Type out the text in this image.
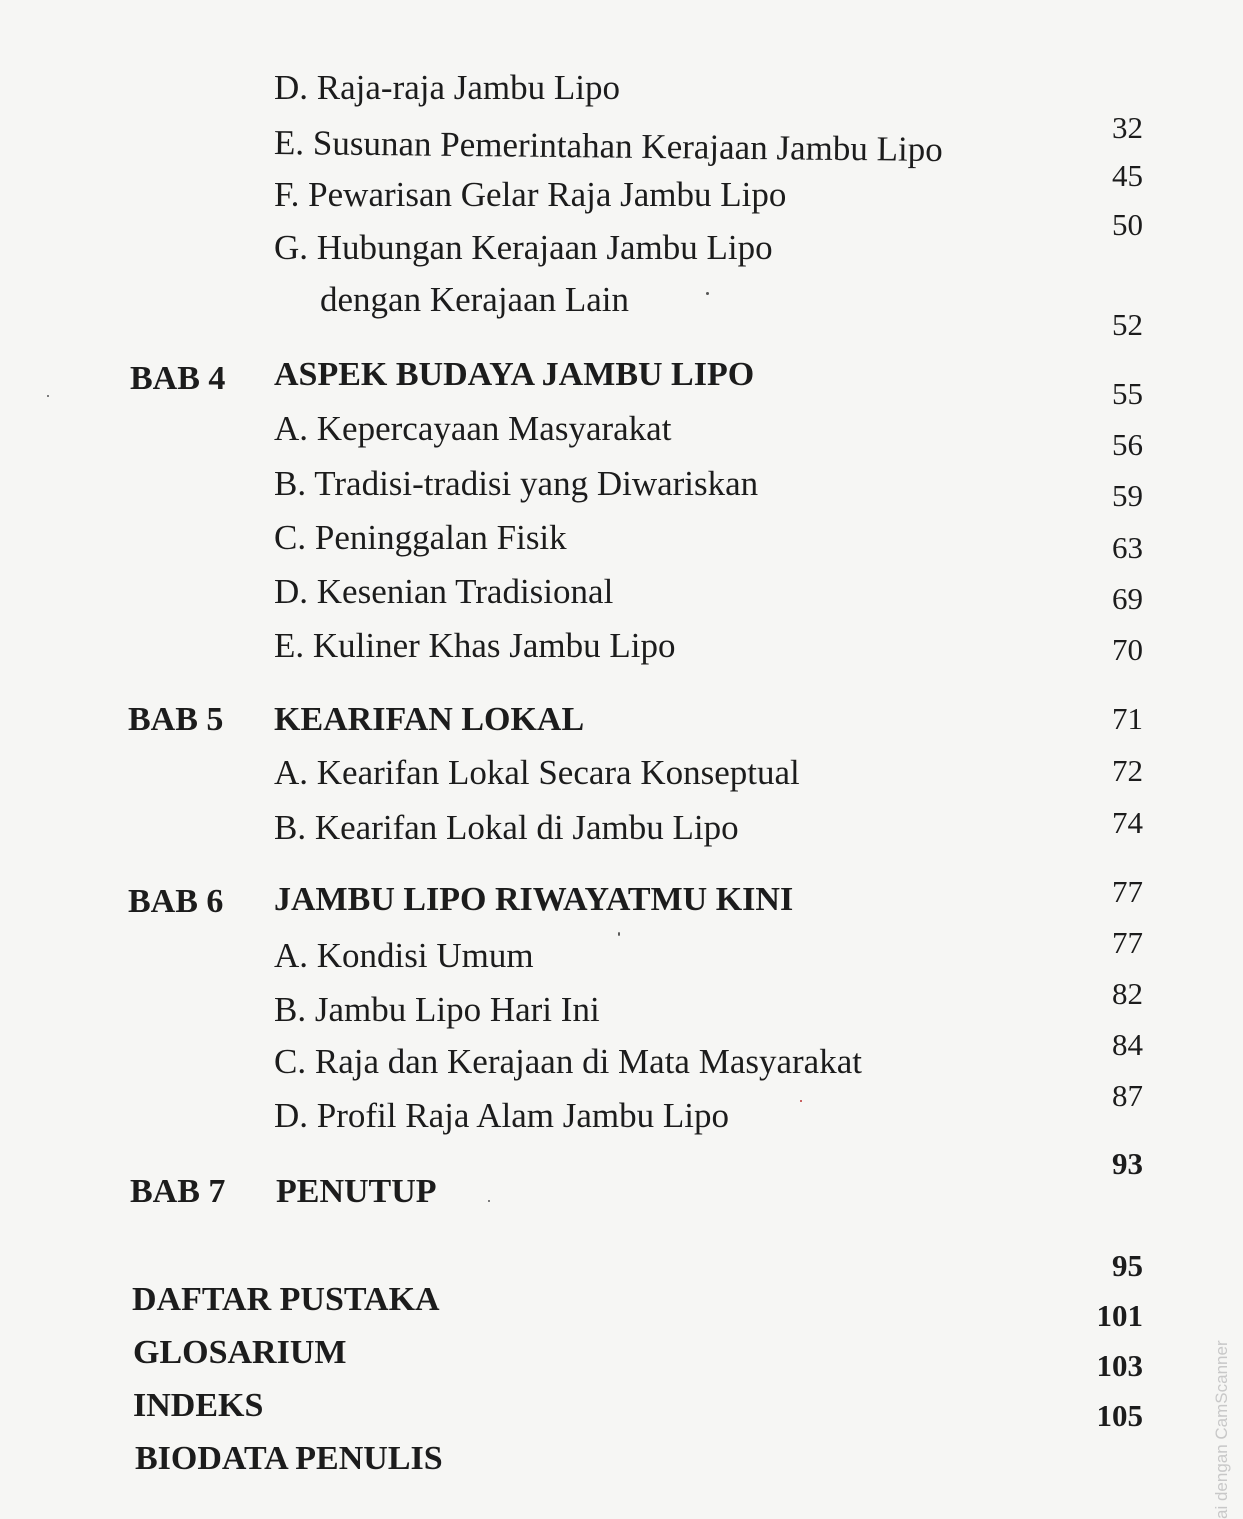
D. Raja-raja Jambu Lipo
E. Susunan Pemerintahan Kerajaan Jambu Lipo
F. Pewarisan Gelar Raja Jambu Lipo
G. Hubungan Kerajaan Jambu Lipo
dengan Kerajaan Lain
BAB 4 ASPEK BUDAYA JAMBU LIPO
A. Kepercayaan Masyarakat
B. Tradisi-tradisi yang Diwariskan
C. Peninggalan Fisik
D. Kesenian Tradisional
E. Kuliner Khas Jambu Lipo
BAB 5 KEARIFAN LOKAL
A. Kearifan Lokal Secara Konseptual
B. Kearifan Lokal di Jambu Lipo
BAB 6 JAMBU LIPO RIWAYATMU KINI
A. Kondisi Umum
B. Jambu Lipo Hari Ini
C. Raja dan Kerajaan di Mata Masyarakat
D. Profil Raja Alam Jambu Lipo
BAB 7 PENUTUP
DAFTAR PUSTAKA
GLOSARIUM
INDEKS
BIODATA PENULIS
32
45
50
52
55
56
59
63
69
70
71
72
74
77
77
82
84
87
93
95
101
103
105	ai dengan CamScanner
